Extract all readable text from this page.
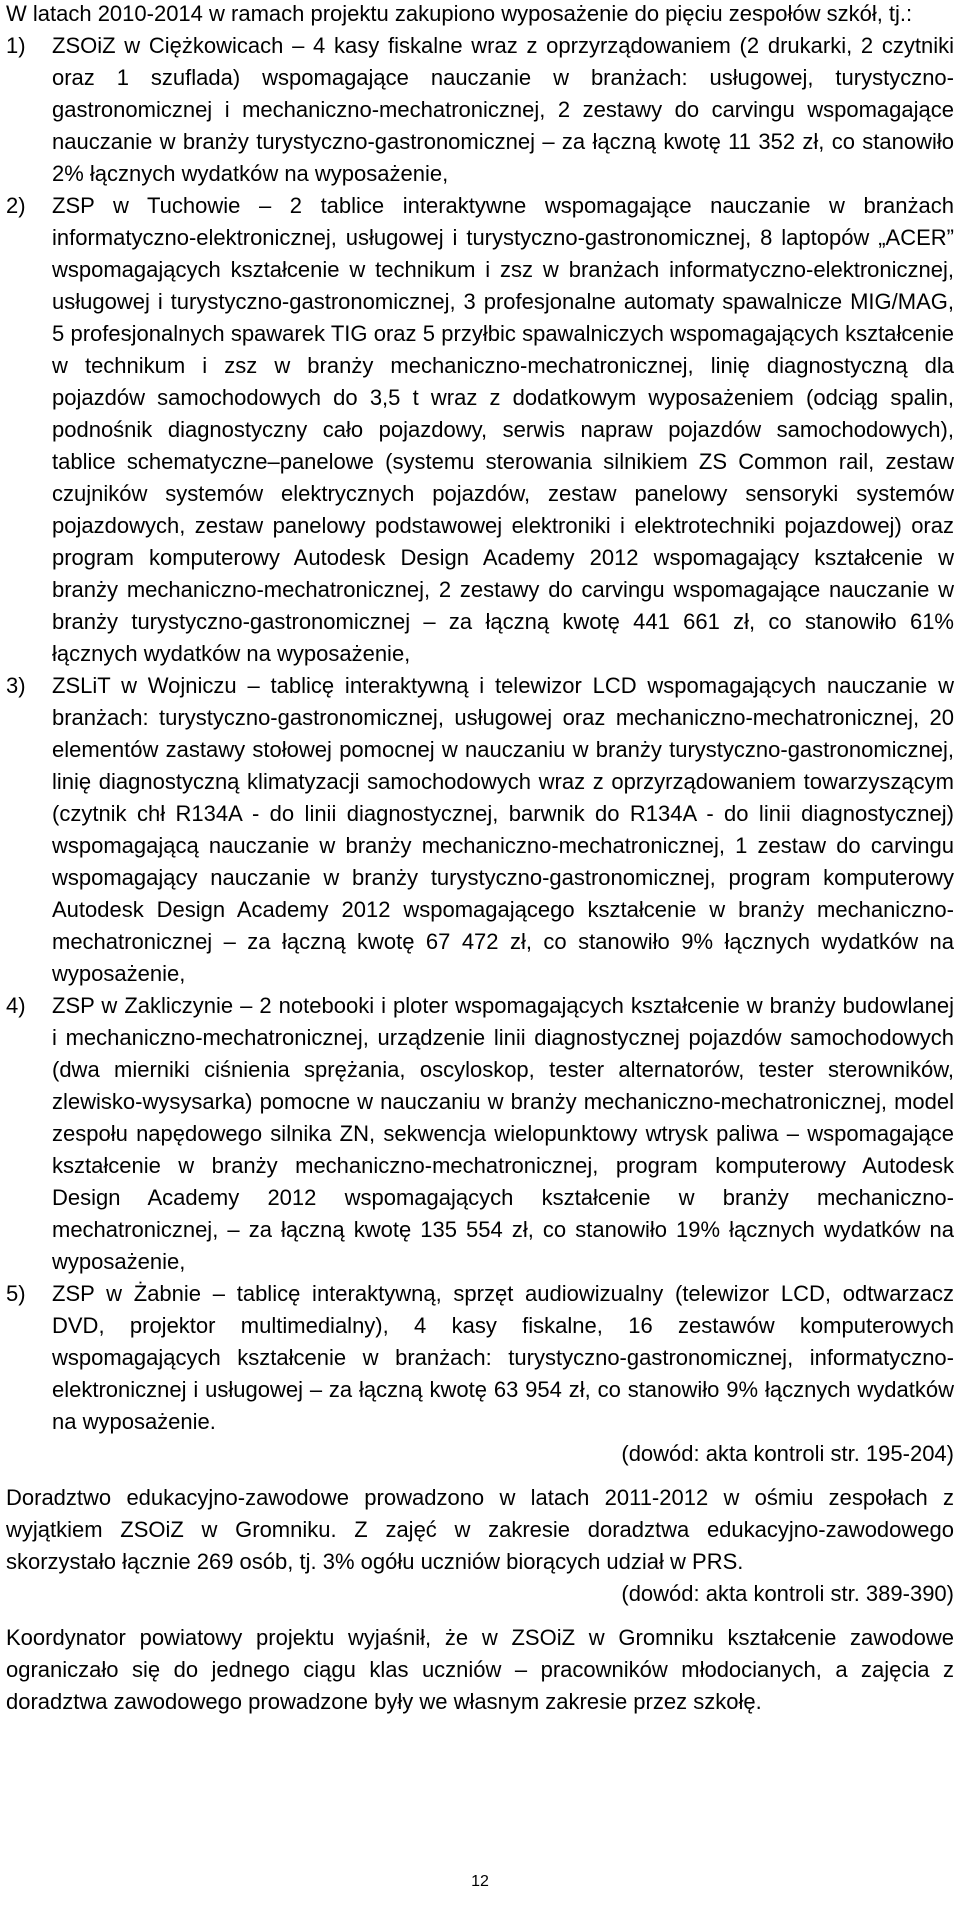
W latach 2010-2014 w ramach projektu zakupiono wyposażenie do pięciu zespołów szkół, tj.:

1) ZSOiZ w Ciężkowicach – 4 kasy fiskalne wraz z oprzyrządowaniem (2 drukarki, 2 czytniki oraz 1 szuflada) wspomagające nauczanie w branżach: usługowej, turystyczno-gastronomicznej i mechaniczno-mechatronicznej, 2 zestawy do carvingu wspomagające nauczanie w branży turystyczno-gastronomicznej – za łączną kwotę 11 352 zł, co stanowiło 2% łącznych wydatków na wyposażenie,
2) ZSP w Tuchowie – 2 tablice interaktywne wspomagające nauczanie w branżach informatyczno-elektronicznej, usługowej i turystyczno-gastronomicznej, 8 laptopów „ACER” wspomagających kształcenie w technikum i zsz w branżach informatyczno-elektronicznej, usługowej i turystyczno-gastronomicznej, 3 profesjonalne automaty spawalnicze MIG/MAG, 5 profesjonalnych spawarek TIG oraz 5 przyłbic spawalniczych wspomagających kształcenie w technikum i zsz w branży mechaniczno-mechatronicznej, linię diagnostyczną dla pojazdów samochodowych do 3,5 t wraz z dodatkowym wyposażeniem (odciąg spalin, podnośnik diagnostyczny cało pojazdowy, serwis napraw pojazdów samochodowych), tablice schematyczne–panelowe (systemu sterowania silnikiem ZS Common rail, zestaw czujników systemów elektrycznych pojazdów, zestaw panelowy sensoryki systemów pojazdowych, zestaw panelowy podstawowej elektroniki i elektrotechniki pojazdowej) oraz program komputerowy Autodesk Design Academy 2012 wspomagający kształcenie w branży mechaniczno-mechatronicznej, 2 zestawy do carvingu wspomagające nauczanie w branży turystyczno-gastronomicznej – za łączną kwotę 441 661 zł, co stanowiło 61% łącznych wydatków na wyposażenie,
3) ZSLiT w Wojniczu – tablicę interaktywną i telewizor LCD wspomagających nauczanie w branżach: turystyczno-gastronomicznej, usługowej oraz mechaniczno-mechatronicznej, 20 elementów zastawy stołowej pomocnej w nauczaniu w branży turystyczno-gastronomicznej, linię diagnostyczną klimatyzacji samochodowych wraz z oprzyrządowaniem towarzyszącym (czytnik chł R134A - do linii diagnostycznej, barwnik do R134A - do linii diagnostycznej) wspomagającą nauczanie w branży mechaniczno-mechatronicznej, 1 zestaw do carvingu wspomagający nauczanie w branży turystyczno-gastronomicznej, program komputerowy Autodesk Design Academy 2012 wspomagającego kształcenie w branży mechaniczno-mechatronicznej – za łączną kwotę 67 472 zł, co stanowiło 9% łącznych wydatków na wyposażenie,
4) ZSP w Zakliczynie – 2 notebooki i ploter wspomagających kształcenie w branży budowlanej i mechaniczno-mechatronicznej, urządzenie linii diagnostycznej pojazdów samochodowych (dwa mierniki ciśnienia sprężania, oscyloskop, tester alternatorów, tester sterowników, zlewisko-wysysarka) pomocne w nauczaniu w branży mechaniczno-mechatronicznej, model zespołu napędowego silnika ZN, sekwencja wielopunktowy wtrysk paliwa – wspomagające kształcenie w branży mechaniczno-mechatronicznej, program komputerowy Autodesk Design Academy 2012 wspomagających kształcenie w branży mechaniczno-mechatronicznej, – za łączną kwotę 135 554 zł, co stanowiło 19% łącznych wydatków na wyposażenie,
5) ZSP w Żabnie – tablicę interaktywną, sprzęt audiowizualny (telewizor LCD, odtwarzacz DVD, projektor multimedialny), 4 kasy fiskalne, 16 zestawów komputerowych wspomagających kształcenie w branżach: turystyczno-gastronomicznej, informatyczno-elektronicznej i usługowej – za łączną kwotę 63 954 zł, co stanowiło 9% łącznych wydatków na wyposażenie.

(dowód: akta kontroli str. 195-204)

Doradztwo edukacyjno-zawodowe prowadzono w latach 2011-2012 w ośmiu zespołach z wyjątkiem ZSOiZ w Gromniku. Z zajęć w zakresie doradztwa edukacyjno-zawodowego skorzystało łącznie 269 osób, tj. 3% ogółu uczniów biorących udział w PRS.

(dowód: akta kontroli str. 389-390)

Koordynator powiatowy projektu wyjaśnił, że w ZSOiZ w Gromniku kształcenie zawodowe ograniczało się do jednego ciągu klas uczniów – pracowników młodocianych, a zajęcia z doradztwa zawodowego prowadzone były we własnym zakresie przez szkołę.

12
